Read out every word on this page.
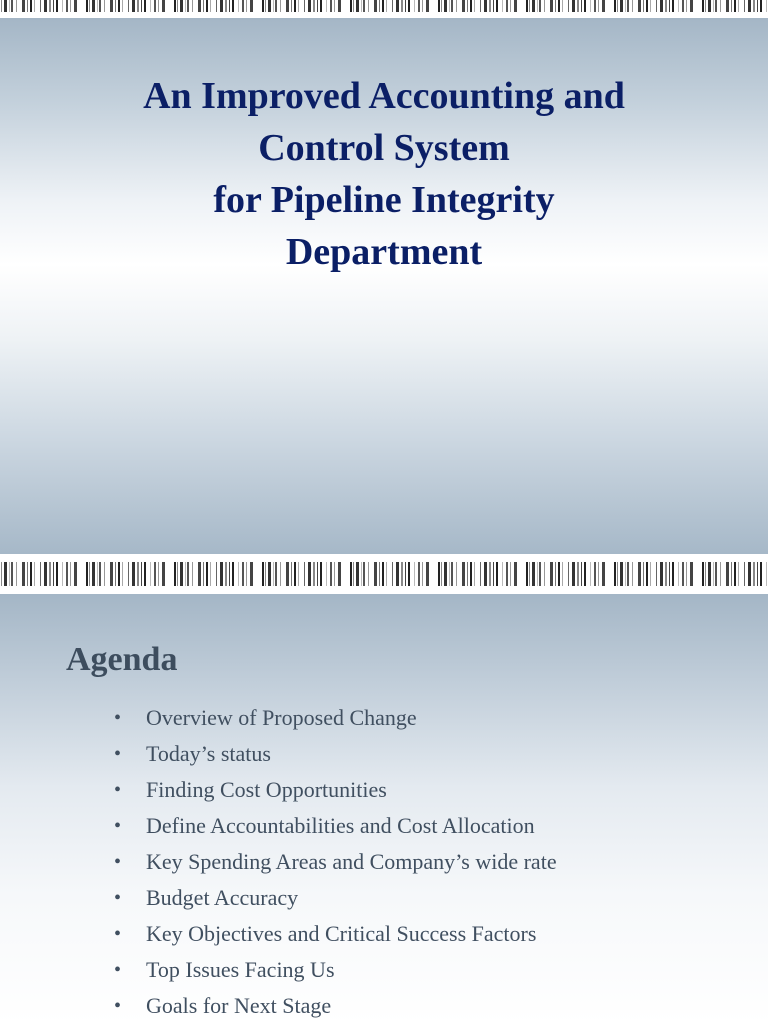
An Improved Accounting and
Control System
for Pipeline Integrity
Department
Agenda
• Overview of Proposed Change
• Today’s status
• Finding Cost Opportunities
• Define Accountabilities and Cost Allocation
• Key Spending Areas and Company’s wide rate
• Budget Accuracy
• Key Objectives and Critical Success Factors
• Top Issues Facing Us
• Goals for Next Stage
